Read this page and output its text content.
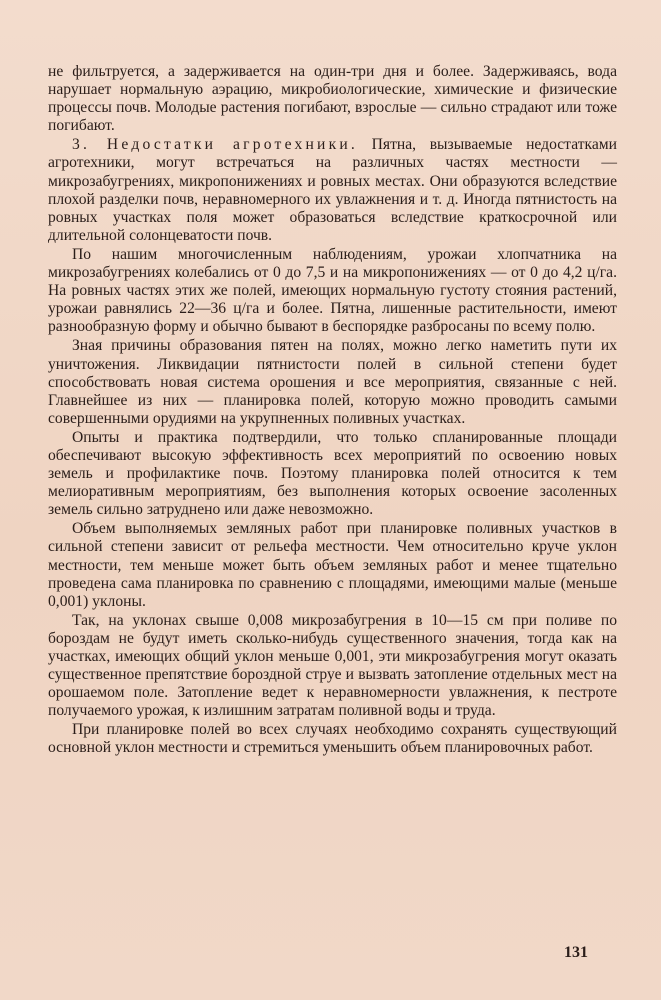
не фильтруется, а задерживается на один-три дня и более. Задерживаясь, вода нарушает нормальную аэрацию, микробиологические, химические и физические процессы почв. Молодые растения погибают, взрослые — сильно страдают или тоже погибают.

3. Недостатки агротехники. Пятна, вызываемые недостатками агротехники, могут встречаться на различных частях местности — микрозабугрениях, микропонижениях и ровных местах. Они образуются вследствие плохой разделки почв, неравномерного их увлажнения и т. д. Иногда пятнистость на ровных участках поля может образоваться вследствие краткосрочной или длительной солонцеватости почв.

По нашим многочисленным наблюдениям, урожаи хлопчатника на микрозабугрениях колебались от 0 до 7,5 и на микропонижениях — от 0 до 4,2 ц/га. На ровных частях этих же полей, имеющих нормальную густоту стояния растений, урожаи равнялись 22—36 ц/га и более. Пятна, лишенные растительности, имеют разнообразную форму и обычно бывают в беспорядке разбросаны по всему полю.

Зная причины образования пятен на полях, можно легко наметить пути их уничтожения. Ликвидации пятнистости полей в сильной степени будет способствовать новая система орошения и все мероприятия, связанные с ней. Главнейшее из них — планировка полей, которую можно проводить самыми совершенными орудиями на укрупненных поливных участках.

Опыты и практика подтвердили, что только спланированные площади обеспечивают высокую эффективность всех мероприятий по освоению новых земель и профилактике почв. Поэтому планировка полей относится к тем мелиоративным мероприятиям, без выполнения которых освоение засоленных земель сильно затруднено или даже невозможно.

Объем выполняемых земляных работ при планировке поливных участков в сильной степени зависит от рельефа местности. Чем относительно круче уклон местности, тем меньше может быть объем земляных работ и менее тщательно проведена сама планировка по сравнению с площадями, имеющими малые (меньше 0,001) уклоны.

Так, на уклонах свыше 0,008 микрозабугрения в 10—15 см при поливе по бороздам не будут иметь сколько-нибудь существенного значения, тогда как на участках, имеющих общий уклон меньше 0,001, эти микрозабугрения могут оказать существенное препятствие бороздной струе и вызвать затопление отдельных мест на орошаемом поле. Затопление ведет к неравномерности увлажнения, к пестроте получаемого урожая, к излишним затратам поливной воды и труда.

При планировке полей во всех случаях необходимо сохранять существующий основной уклон местности и стремиться уменьшить объем планировочных работ.

131
